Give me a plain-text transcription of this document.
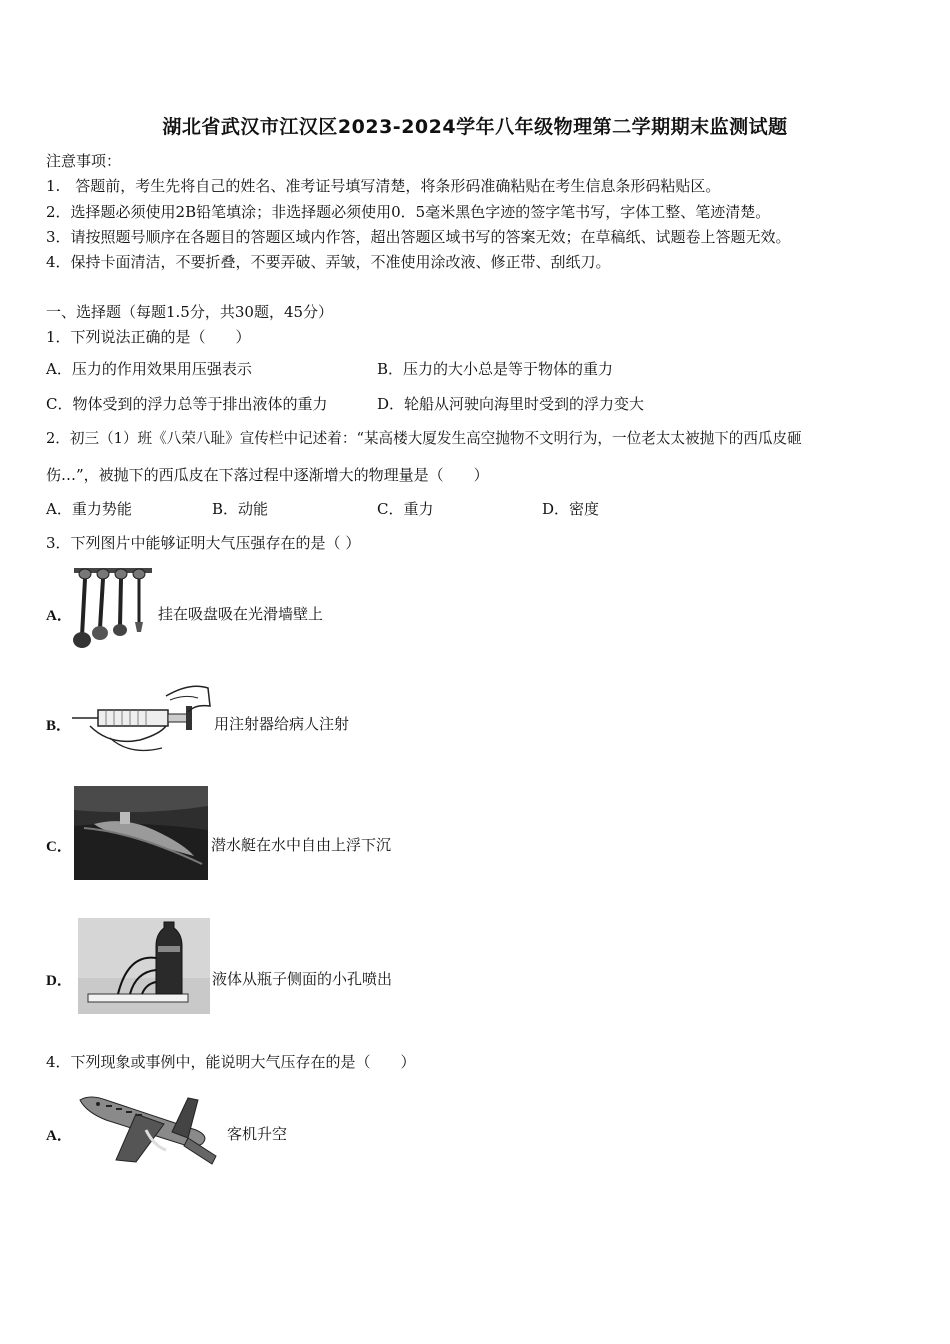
湖北省武汉市江汉区2023-2024学年八年级物理第二学期期末监测试题
注意事项：
1.　答题前，考生先将自己的姓名、准考证号填写清楚，将条形码准确粘贴在考生信息条形码粘贴区。
2．选择题必须使用2B铅笔填涂；非选择题必须使用0．5毫米黑色字迹的签字笔书写，字体工整、笔迹清楚。
3．请按照题号顺序在各题目的答题区域内作答，超出答题区域书写的答案无效；在草稿纸、试题卷上答题无效。
4．保持卡面清洁，不要折叠，不要弄破、弄皱，不准使用涂改液、修正带、刮纸刀。
一、选择题（每题1.5分，共30题，45分）
1．下列说法正确的是（　　）
A．压力的作用效果用压强表示	B．压力的大小总是等于物体的重力
C．物体受到的浮力总等于排出液体的重力	D．轮船从河驶向海里时受到的浮力变大
2．初三（1）班《八荣八耻》宣传栏中记述着：“某高楼大厦发生高空抛物不文明行为，一位老太太被抛下的西瓜皮砸
伤…”，被抛下的西瓜皮在下落过程中逐渐增大的物理量是（　　）
A．重力势能	B．动能	C．重力	D．密度
3．下列图片中能够证明大气压强存在的是（ ）
A．	挂在吸盘吸在光滑墙壁上
B．	用注射器给病人注射
C．	潜水艇在水中自由上浮下沉
D．	液体从瓶子侧面的小孔喷出
4．下列现象或事例中，能说明大气压存在的是（　　）
A．	客机升空
